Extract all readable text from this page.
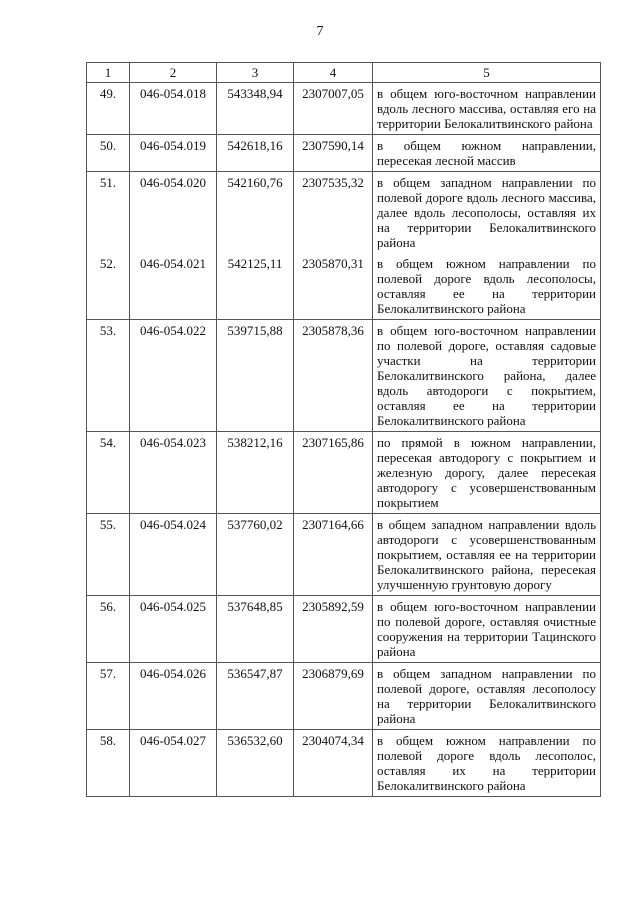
7
1	2	3	4	5
49.	046-054.018	543348,94	2307007,05	в общем юго-восточном направлении вдоль лесного массива, оставляя его на территории Белокалитвинского района
50.	046-054.019	542618,16	2307590,14	в общем южном направлении, пересекая лесной массив
51.	046-054.020	542160,76	2307535,32	в общем западном направлении по полевой дороге вдоль лесного массива, далее вдоль лесополосы, оставляя их на территории Белокалитвинского района
52.	046-054.021	542125,11	2305870,31	в общем южном направлении по полевой дороге вдоль лесополосы, оставляя ее на территории Белокалитвинского района
53.	046-054.022	539715,88	2305878,36	в общем юго-восточном направлении по полевой дороге, оставляя садовые участки на территории Белокалитвинского района, далее вдоль автодороги с покрытием, оставляя ее на территории Белокалитвинского района
54.	046-054.023	538212,16	2307165,86	по прямой в южном направлении, пересекая автодорогу с покрытием и железную дорогу, далее пересекая автодорогу с усовершенствованным покрытием
55.	046-054.024	537760,02	2307164,66	в общем западном направлении вдоль автодороги с усовершенствованным покрытием, оставляя ее на территории Белокалитвинского района, пересекая улучшенную грунтовую дорогу
56.	046-054.025	537648,85	2305892,59	в общем юго-восточном направлении по полевой дороге, оставляя очистные сооружения на территории Тацинского района
57.	046-054.026	536547,87	2306879,69	в общем западном направлении по полевой дороге, оставляя лесополосу на территории Белокалитвинского района
58.	046-054.027	536532,60	2304074,34	в общем южном направлении по полевой дороге вдоль лесополос, оставляя их на территории Белокалитвинского района
